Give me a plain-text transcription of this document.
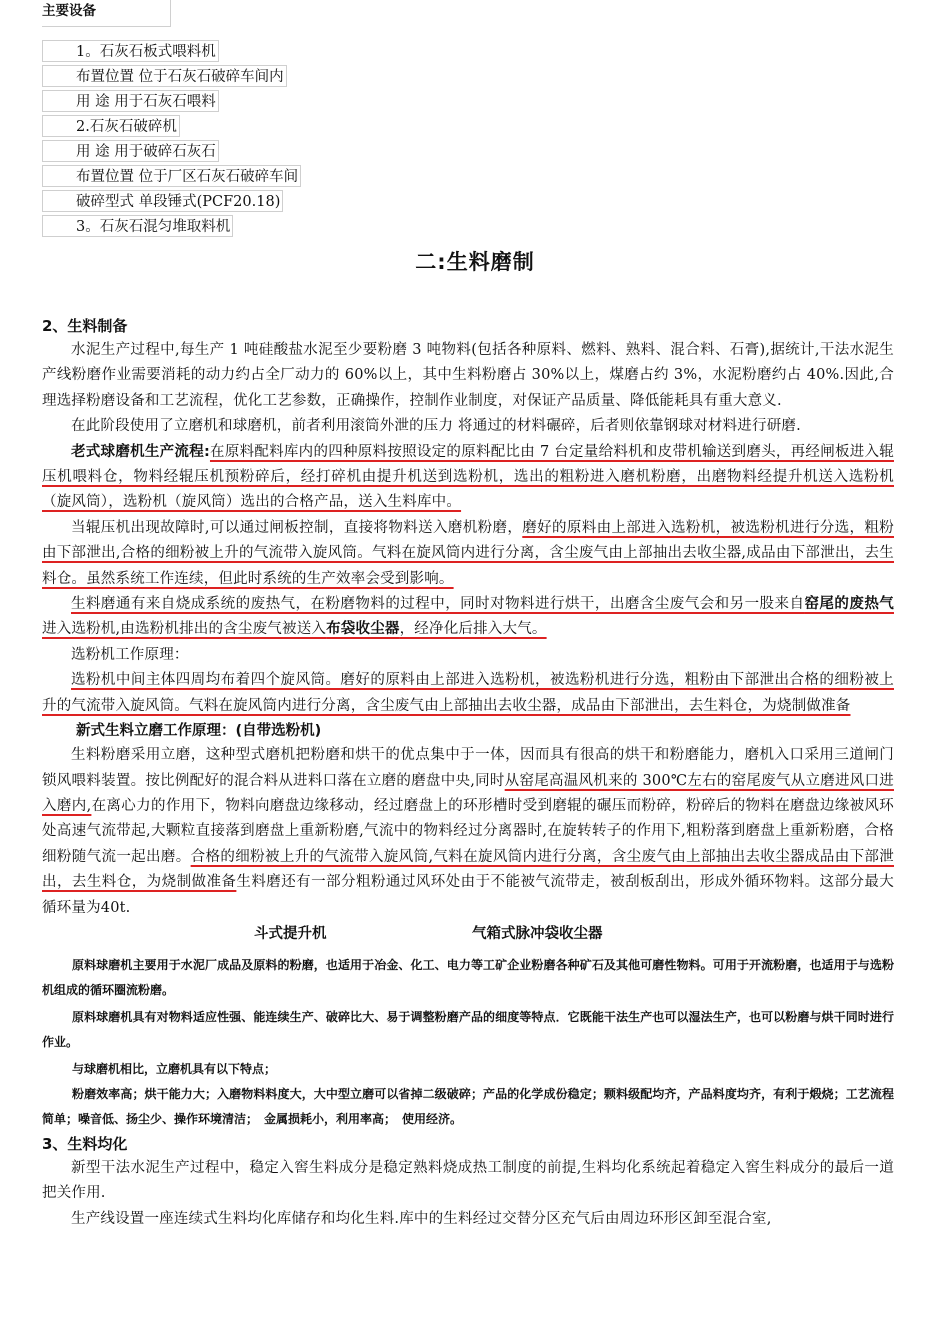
主要设备
1。石灰石板式喂料机
布置位置 位于石灰石破碎车间内
用 途 用于石灰石喂料
2.石灰石破碎机
用 途 用于破碎石灰石
布置位置 位于厂区石灰石破碎车间
破碎型式 单段锤式(PCF20.18)
3。石灰石混匀堆取料机
二:生料磨制

2、生料制备

水泥生产过程中,每生产 1 吨硅酸盐水泥至少要粉磨 3 吨物料(包括各种原料、燃料、熟料、混合料、石膏),据统计,干法水泥生产线粉磨作业需要消耗的动力约占全厂动力的 60%以上，其中生料粉磨占 30%以上，煤磨占约 3%，水泥粉磨约占 40%.因此,合理选择粉磨设备和工艺流程，优化工艺参数，正确操作，控制作业制度，对保证产品质量、降低能耗具有重大意义.

在此阶段使用了立磨机和球磨机，前者利用滚筒外泄的压力 将通过的材料碾碎，后者则依靠钢球对材料进行研磨.

老式球磨机生产流程:在原料配料库内的四种原料按照设定的原料配比由 7 台定量给料机和皮带机输送到磨头，再经闸板进入辊压机喂料仓，物料经辊压机预粉碎后，经打碎机由提升机送到选粉机，选出的粗粉进入磨机粉磨，出磨物料经提升机送入选粉机（旋风筒），选粉机（旋风筒）选出的合格产品，送入生料库中。

当辊压机出现故障时,可以通过闸板控制，直接将物料送入磨机粉磨，磨好的原料由上部进入选粉机，被选粉机进行分选，粗粉由下部泄出,合格的细粉被上升的气流带入旋风筒。气料在旋风筒内进行分离，含尘废气由上部抽出去收尘器,成品由下部泄出，去生料仓。虽然系统工作连续，但此时系统的生产效率会受到影响。

生料磨通有来自烧成系统的废热气，在粉磨物料的过程中，同时对物料进行烘干，出磨含尘废气会和另一股来自窑尾的废热气进入选粉机,由选粉机排出的含尘废气被送入布袋收尘器，经净化后排入大气。

选粉机工作原理：

选粉机中间主体四周均布着四个旋风筒。磨好的原料由上部进入选粉机，被选粉机进行分选，粗粉由下部泄出合格的细粉被上升的气流带入旋风筒。气料在旋风筒内进行分离，含尘废气由上部抽出去收尘器，成品由下部泄出，去生料仓，为烧制做准备

新式生料立磨工作原理：(自带选粉机)

生料粉磨采用立磨，这种型式磨机把粉磨和烘干的优点集中于一体，因而具有很高的烘干和粉磨能力，磨机入口采用三道闸门锁风喂料装置。按比例配好的混合料从进料口落在立磨的磨盘中央,同时从窑尾高温风机来的 300℃左右的窑尾废气从立磨进风口进入磨内,在离心力的作用下，物料向磨盘边缘移动，经过磨盘上的环形槽时受到磨辊的碾压而粉碎，粉碎后的物料在磨盘边缘被风环处高速气流带起,大颗粒直接落到磨盘上重新粉磨,气流中的物料经过分离器时,在旋转转子的作用下,粗粉落到磨盘上重新粉磨，合格细粉随气流一起出磨。合格的细粉被上升的气流带入旋风筒,气料在旋风筒内进行分离，含尘废气由上部抽出去收尘器成品由下部泄出，去生料仓，为烧制做准备生料磨还有一部分粗粉通过风环处由于不能被气流带走，被刮板刮出，形成外循环物料。这部分最大循环量为40t.

斗式提升机	气箱式脉冲袋收尘器

原料球磨机主要用于水泥厂成品及原料的粉磨，也适用于冶金、化工、电力等工矿企业粉磨各种矿石及其他可磨性物料。可用于开流粉磨，也适用于与选粉机组成的循环圈流粉磨。

原料球磨机具有对物料适应性强、能连续生产、破碎比大、易于调整粉磨产品的细度等特点．它既能干法生产也可以湿法生产，也可以粉磨与烘干同时进行作业。

与球磨机相比，立磨机具有以下特点；

粉磨效率高；烘干能力大；入磨物料料度大，大中型立磨可以省掉二级破碎；产品的化学成份稳定；颗料级配均齐，产品料度均齐，有利于煅烧；工艺流程简单；噪音低、扬尘少、操作环境清洁；　金属损耗小，利用率高；　使用经济。

3、生料均化

新型干法水泥生产过程中，稳定入窖生料成分是稳定熟料烧成热工制度的前提,生料均化系统起着稳定入窖生料成分的最后一道把关作用.

生产线设置一座连续式生料均化库储存和均化生料.库中的生料经过交替分区充气后由周边环形区卸至混合室,
